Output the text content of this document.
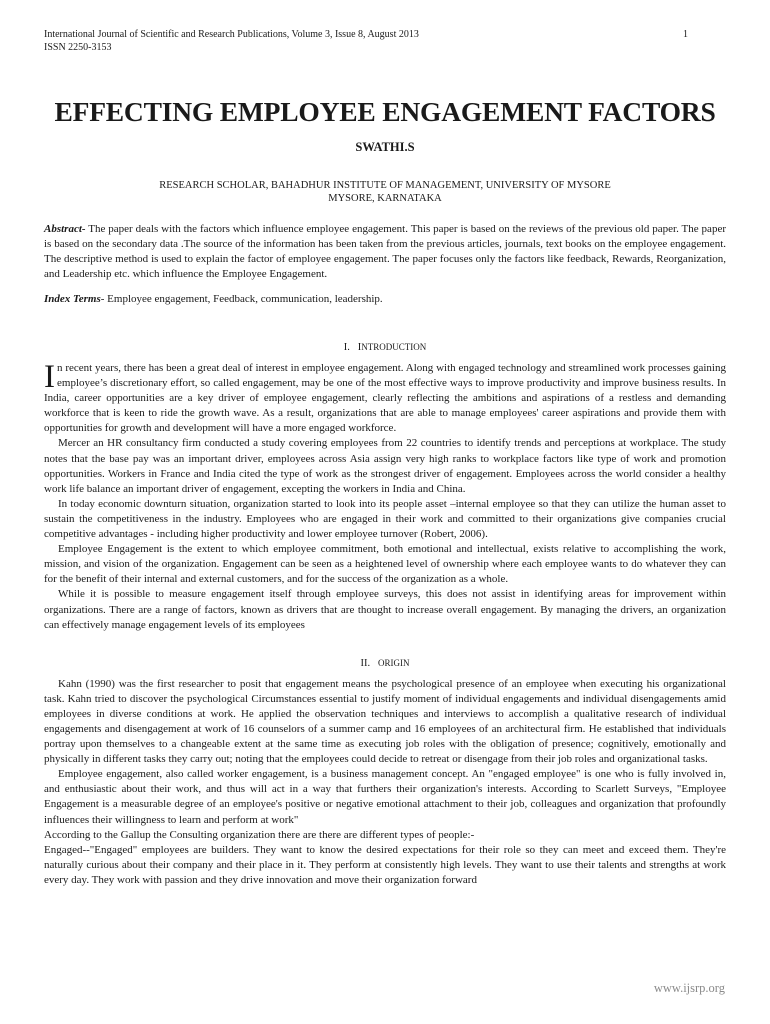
International Journal of Scientific and Research Publications, Volume 3, Issue 8, August 2013
ISSN 2250-3153
1
EFFECTING EMPLOYEE ENGAGEMENT FACTORS
SWATHI.S
RESEARCH SCHOLAR, BAHADHUR INSTITUTE OF MANAGEMENT, UNIVERSITY OF MYSORE
MYSORE, KARNATAKA
Abstract- The paper deals with the factors which influence employee engagement. This paper is based on the reviews of the previous old paper. The paper is based on the secondary data .The source of the information has been taken from the previous articles, journals, text books on the employee engagement. The descriptive method is used to explain the factor of employee engagement. The paper focuses only the factors like feedback, Rewards, Reorganization, and Leadership etc. which influence the Employee Engagement.
Index Terms- Employee engagement, Feedback, communication, leadership.
I. INTRODUCTION

In recent years, there has been a great deal of interest in employee engagement. Along with engaged technology and streamlined work processes gaining employee’s discretionary effort, so called engagement, may be one of the most effective ways to improve productivity and improve business results. In India, career opportunities are a key driver of employee engagement, clearly reflecting the ambitions and aspirations of a restless and demanding workforce that is keen to ride the growth wave. As a result, organizations that are able to manage employees' career aspirations and provide them with opportunities for growth and development will have a more engaged workforce.

Mercer an HR consultancy firm conducted a study covering employees from 22 countries to identify trends and perceptions at workplace. The study notes that the base pay was an important driver, employees across Asia assign very high ranks to workplace factors like type of work and promotion opportunities. Workers in France and India cited the type of work as the strongest driver of engagement. Employees across the world consider a healthy work life balance an important driver of engagement, excepting the workers in India and China.

In today economic downturn situation, organization started to look into its people asset –internal employee so that they can utilize the human asset to sustain the competitiveness in the industry. Employees who are engaged in their work and committed to their organizations give companies crucial competitive advantages - including higher productivity and lower employee turnover (Robert, 2006).

Employee Engagement is the extent to which employee commitment, both emotional and intellectual, exists relative to accomplishing the work, mission, and vision of the organization. Engagement can be seen as a heightened level of ownership where each employee wants to do whatever they can for the benefit of their internal and external customers, and for the success of the organization as a whole.

While it is possible to measure engagement itself through employee surveys, this does not assist in identifying areas for improvement within organizations. There are a range of factors, known as drivers that are thought to increase overall engagement. By managing the drivers, an organization can effectively manage engagement levels of its employees

II. ORIGIN

Kahn (1990) was the first researcher to posit that engagement means the psychological presence of an employee when executing his organizational task. Kahn tried to discover the psychological Circumstances essential to justify moment of individual engagements and individual disengagements amid employees in diverse conditions at work. He applied the observation techniques and interviews to accomplish a qualitative research of individual engagements and disengagement at work of 16 counselors of a summer camp and 16 employees of an architectural firm. He established that individuals portray upon themselves to a changeable extent at the same time as executing job roles with the obligation of presence; cognitively, emotionally and physically in different tasks they carry out; noting that the employees could decide to retreat or disengage from their job roles and organizational tasks.

Employee engagement, also called worker engagement, is a business management concept. An "engaged employee" is one who is fully involved in, and enthusiastic about their work, and thus will act in a way that furthers their organization's interests. According to Scarlett Surveys, "Employee Engagement is a measurable degree of an employee's positive or negative emotional attachment to their job, colleagues and organization that profoundly influences their willingness to learn and perform at work"

According to the Gallup the Consulting organization there are there are different types of people:-

Engaged--"Engaged" employees are builders. They want to know the desired expectations for their role so they can meet and exceed them. They're naturally curious about their company and their place in it. They perform at consistently high levels. They want to use their talents and strengths at work every day. They work with passion and they drive innovation and move their organization forward

www.ijsrp.org
